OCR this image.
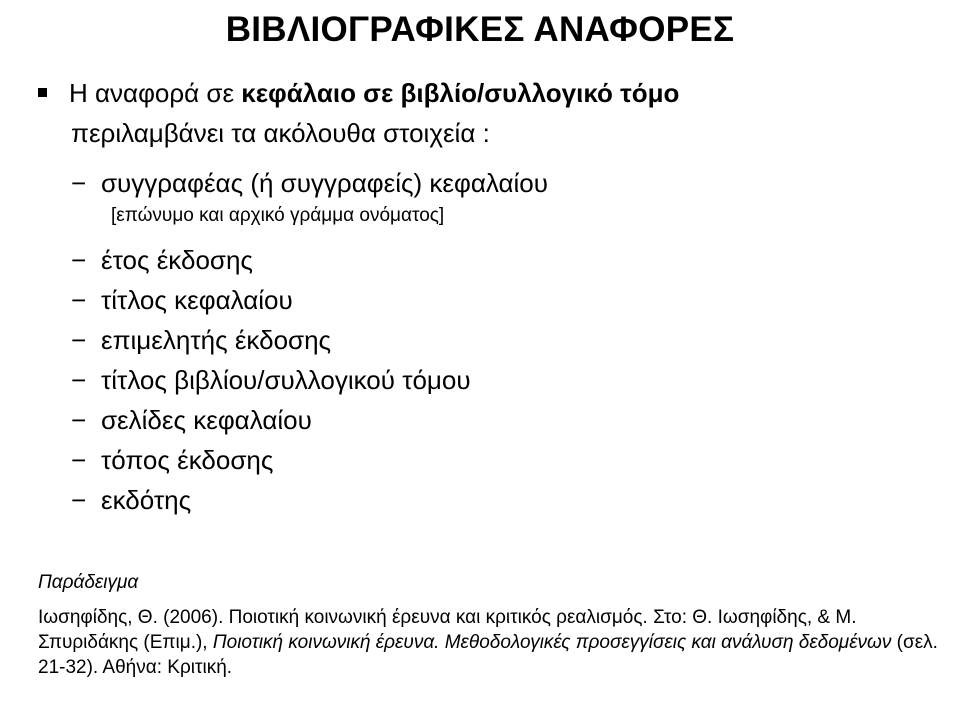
ΒΙΒΛΙΟΓΡΑΦΙΚΕΣ ΑΝΑΦΟΡΕΣ
Η αναφορά σε κεφάλαιο σε βιβλίο/συλλογικό τόμο
περιλαμβάνει τα ακόλουθα στοιχεία :
− συγγραφέας (ή συγγραφείς) κεφαλαίου
[επώνυμο και αρχικό γράμμα ονόματος]
− έτος έκδοσης
− τίτλος κεφαλαίου
− επιμελητής έκδοσης
− τίτλος βιβλίου/συλλογικού τόμου
− σελίδες κεφαλαίου
− τόπος έκδοσης
− εκδότης
Παράδειγμα
Ιωσηφίδης, Θ. (2006). Ποιοτική κοινωνική έρευνα και κριτικός ρεαλισμός. Στο: Θ. Ιωσηφίδης, & Μ. Σπυριδάκης (Επιμ.), Ποιοτική κοινωνική έρευνα. Μεθοδολογικές προσεγγίσεις και ανάλυση δεδομένων (σελ. 21-32). Αθήνα: Κριτική.
